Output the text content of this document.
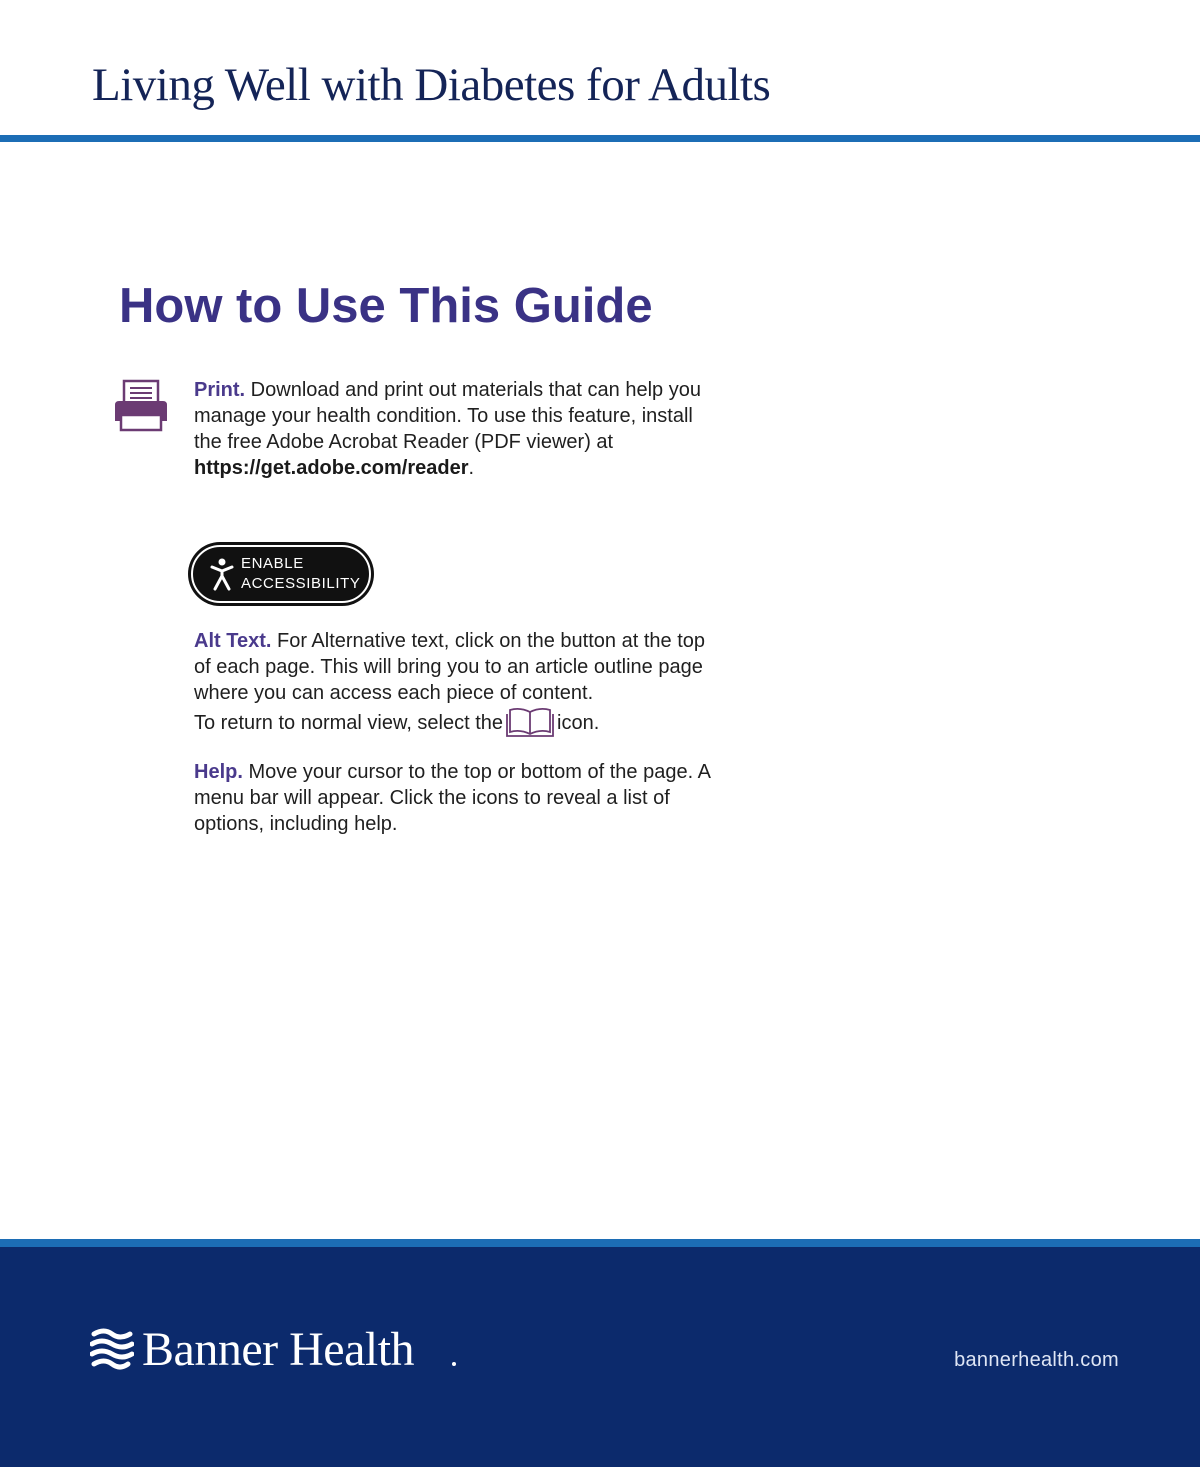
Living Well with Diabetes for Adults
How to Use This Guide

Print. Download and print out materials that can help you manage your health condition. To use this feature, install the free Adobe Acrobat Reader (PDF viewer) at https://get.adobe.com/reader.

ENABLE
ACCESSIBILITY

Alt Text. For Alternative text, click on the button at the top of each page. This will bring you to an article outline page where you can access each piece of content.
To return to normal view, select the	icon.

Help. Move your cursor to the top or bottom of the page. A menu bar will appear. Click the icons to reveal a list of options, including help.

Banner Health	bannerhealth.com
